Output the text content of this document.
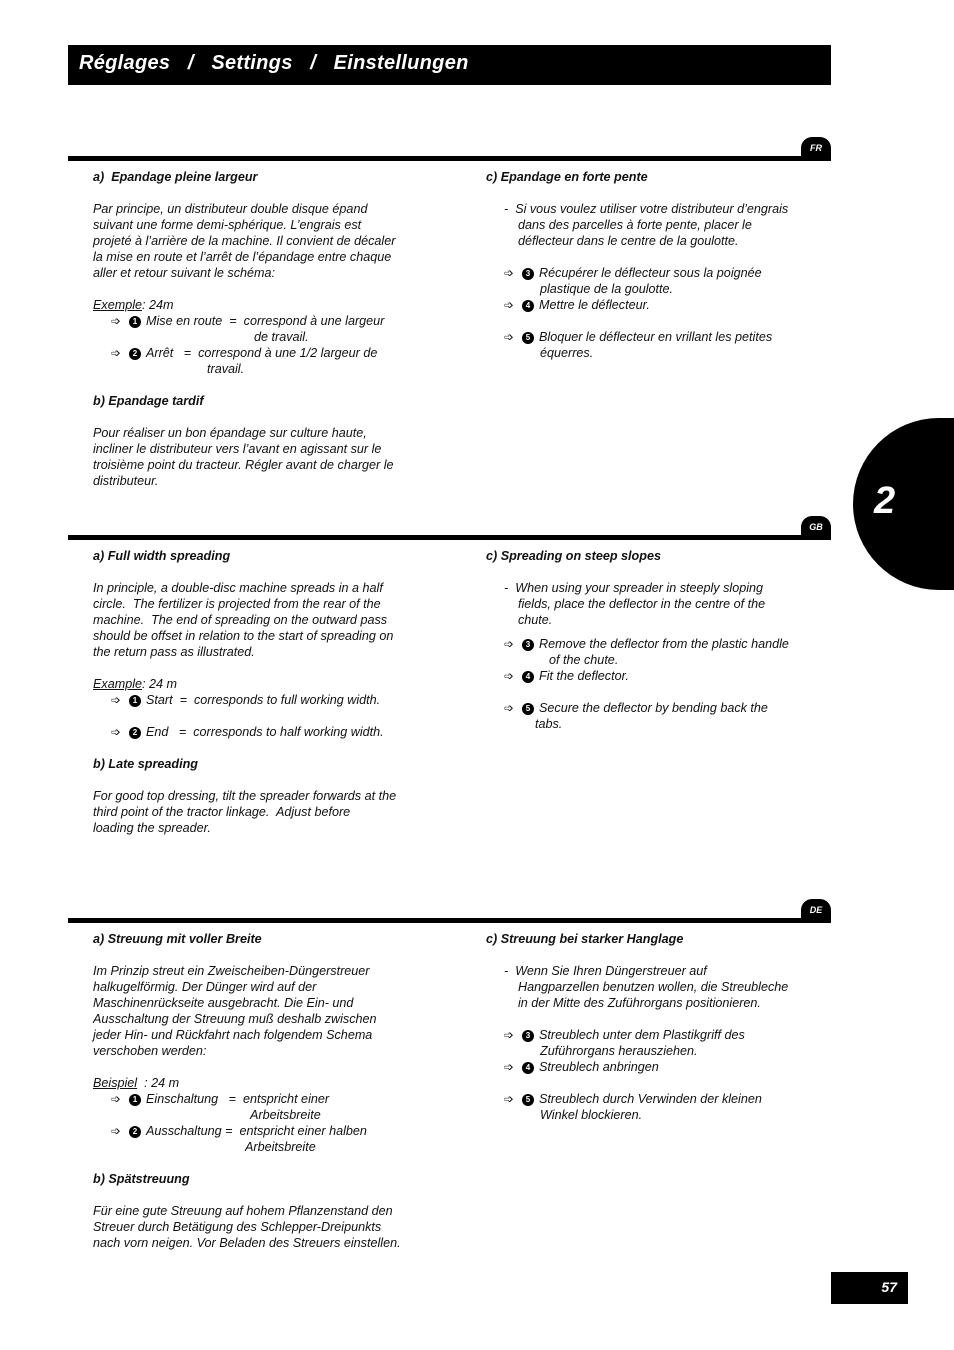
Réglages   /   Settings   /   Einstellungen
2
FR
a)  Epandage pleine largeur
Par principe, un distributeur double disque épand
suivant une forme demi-sphérique. L’engrais est
projeté à l’arrière de la machine. Il convient de décaler
la mise en route et l’arrêt de l’épandage entre chaque
aller et retour suivant le schéma:
Exemple: 24m
➩ 1 Mise en route  =  correspond à une largeur
de travail.
➩ 2 Arrêt   =  correspond à une 1/2 largeur de
travail.
b) Epandage tardif
Pour réaliser un bon épandage sur culture haute,
incliner le distributeur vers l’avant en agissant sur le
troisième point du tracteur. Régler avant de charger le
distributeur.
c) Epandage en forte pente
-  Si vous voulez utiliser votre distributeur d’engrais
dans des parcelles à forte pente, placer le
déflecteur dans le centre de la goulotte.
➩ 3 Récupérer le déflecteur sous la poignée
plastique de la goulotte.
➩ 4 Mettre le déflecteur.
➩ 5 Bloquer le déflecteur en vrillant les petites
équerres.
GB
a) Full width spreading
In principle, a double-disc machine spreads in a half
circle.  The fertilizer is projected from the rear of the
machine.  The end of spreading on the outward pass
should be offset in relation to the start of spreading on
the return pass as illustrated.
Example: 24 m
➩ 1 Start  =  corresponds to full working width.
➩ 2 End   =  corresponds to half working width.
b) Late spreading
For good top dressing, tilt the spreader forwards at the
third point of the tractor linkage.  Adjust before
loading the spreader.
c) Spreading on steep slopes
-  When using your spreader in steeply sloping
fields, place the deflector in the centre of the
chute.
➩ 3 Remove the deflector from the plastic handle
of the chute.
➩ 4 Fit the deflector.
➩ 5 Secure the deflector by bending back the
tabs.
DE
a) Streuung mit voller Breite
Im Prinzip streut ein Zweischeiben-Düngerstreuer
halkugelförmig. Der Dünger wird auf der
Maschinenrückseite ausgebracht. Die Ein- und
Ausschaltung der Streuung muß deshalb zwischen
jeder Hin- und Rückfahrt nach folgendem Schema
verschoben werden:
Beispiel  : 24 m
➩ 1 Einschaltung   =  entspricht einer
Arbeitsbreite
➩ 2 Ausschaltung =  entspricht einer halben
Arbeitsbreite
b) Spätstreuung
Für eine gute Streuung auf hohem Pflanzenstand den
Streuer durch Betätigung des Schlepper-Dreipunkts
nach vorn neigen. Vor Beladen des Streuers einstellen.
c) Streuung bei starker Hanglage
-  Wenn Sie Ihren Düngerstreuer auf
Hangparzellen benutzen wollen, die Streubleche
in der Mitte des Zuführorgans positionieren.
➩ 3 Streublech unter dem Plastikgriff des
Zuführorgans herausziehen.
➩ 4 Streublech anbringen
➩ 5 Streublech durch Verwinden der kleinen
Winkel blockieren.
57
